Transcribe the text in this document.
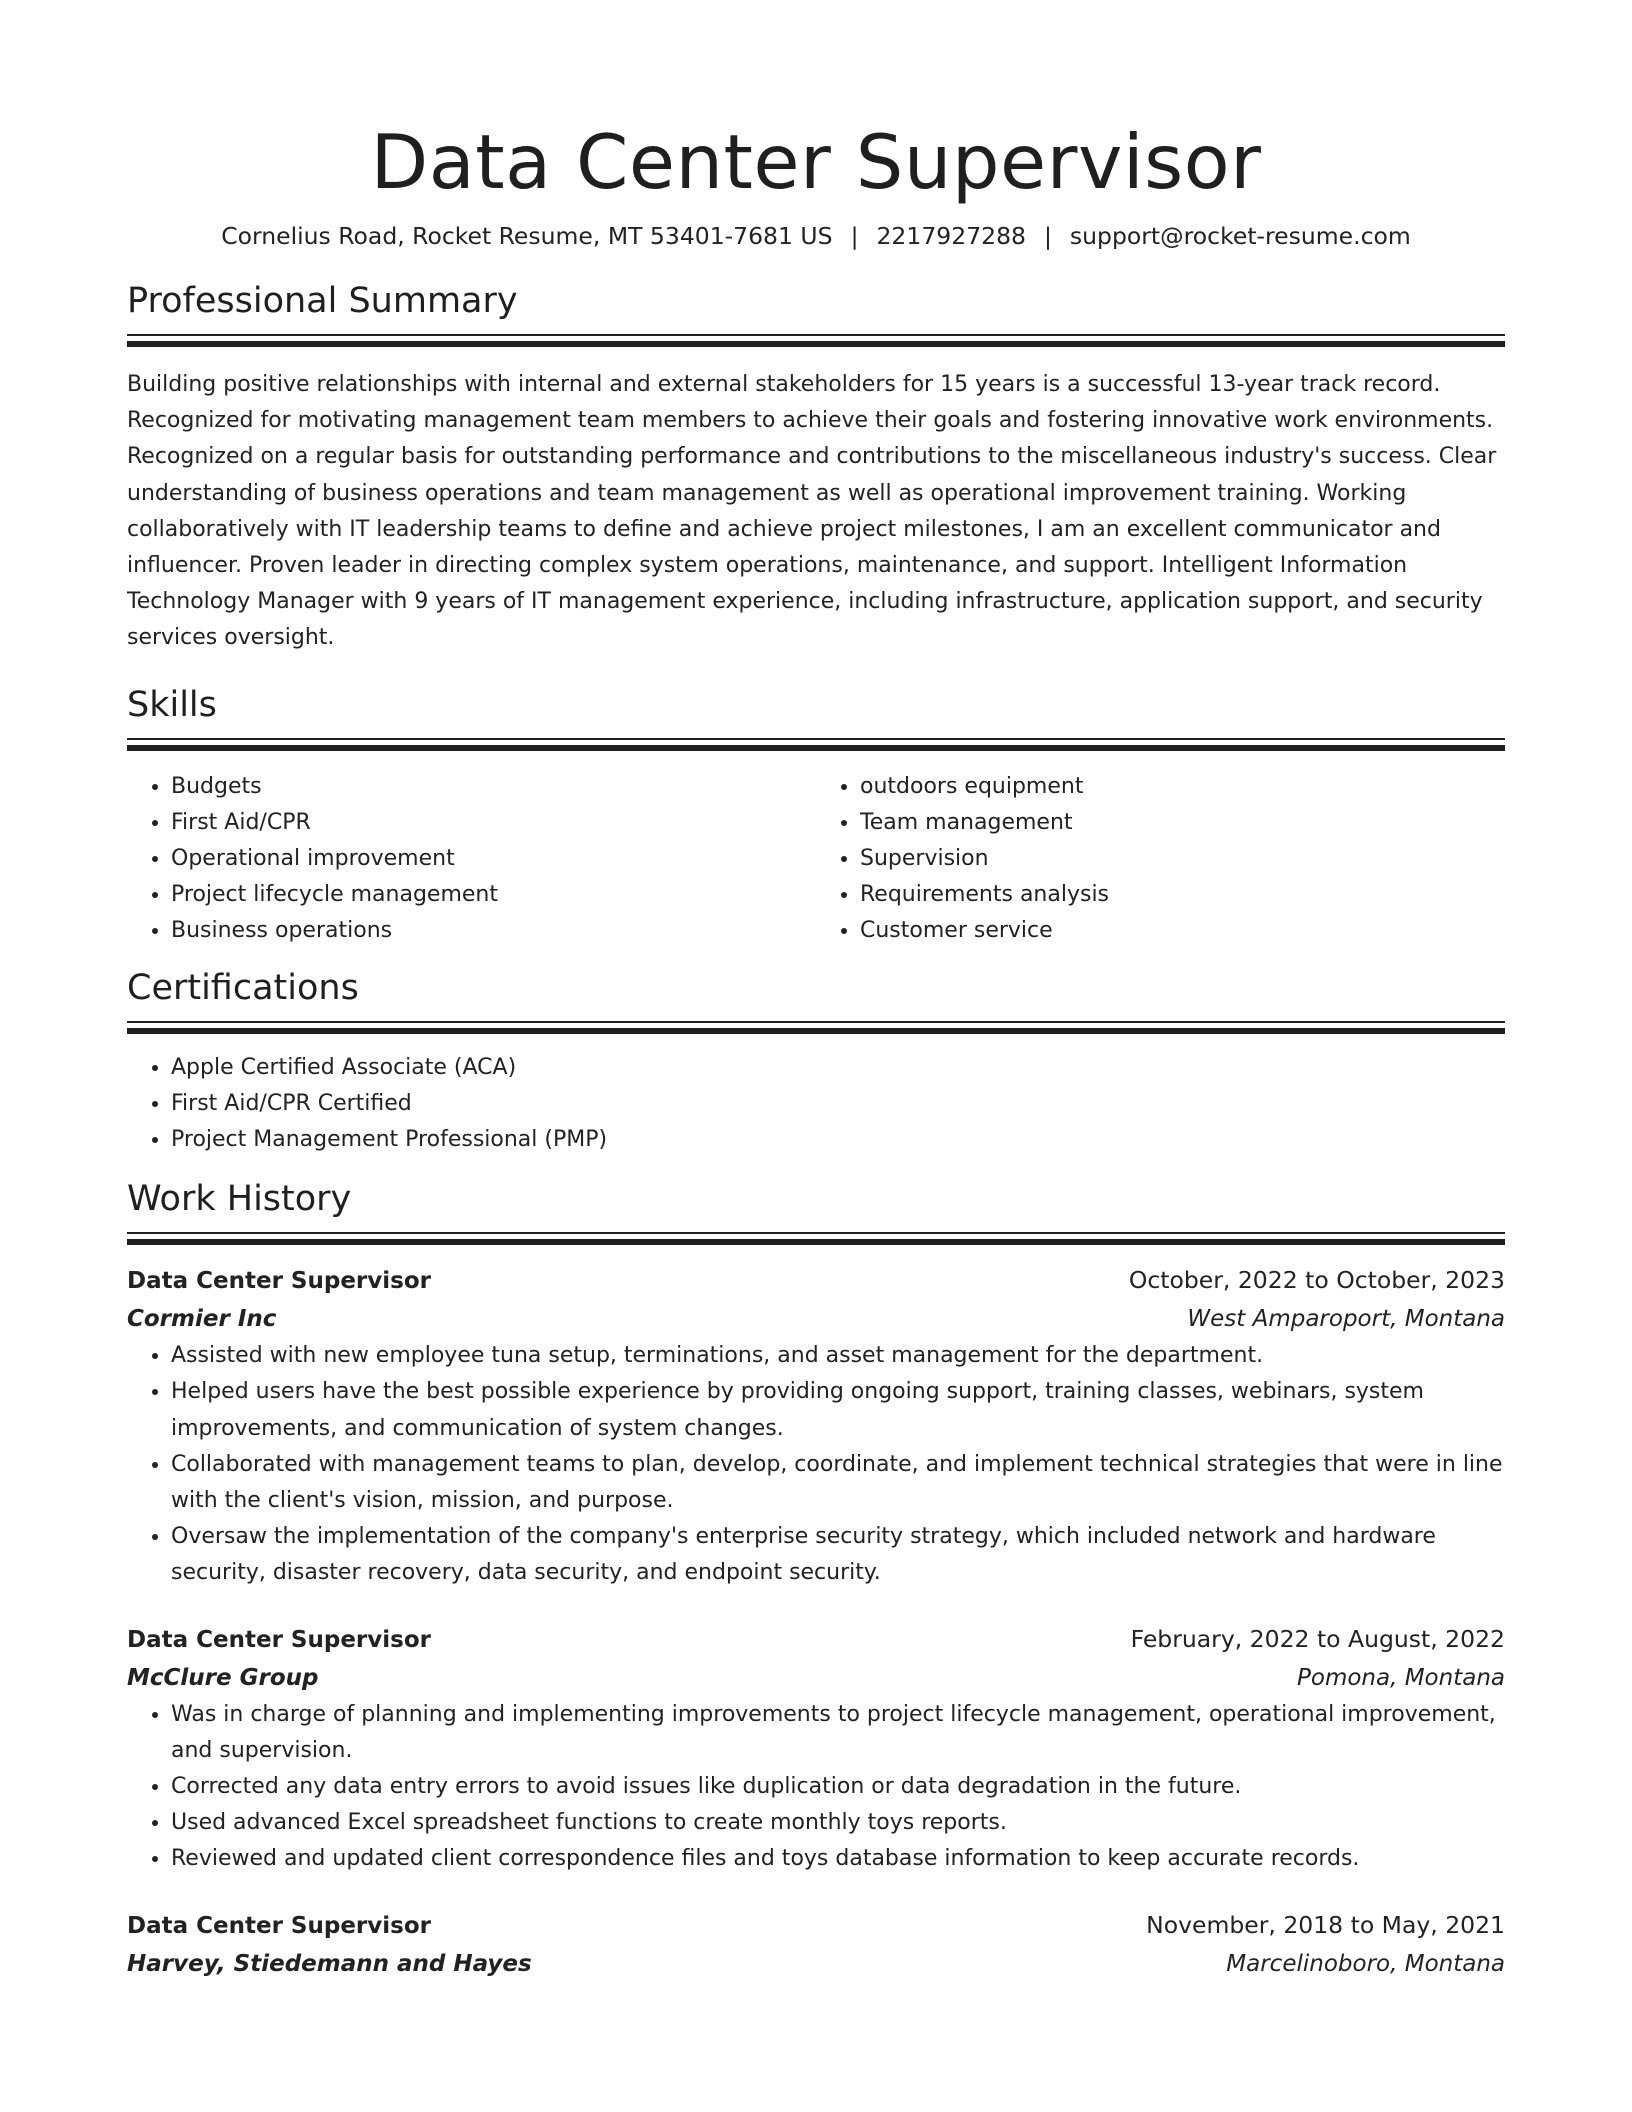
Data Center Supervisor
Cornelius Road, Rocket Resume, MT 53401-7681 US | 2217927288 | support@rocket-resume.com
Professional Summary

Building positive relationships with internal and external stakeholders for 15 years is a successful 13-year track record. Recognized for motivating management team members to achieve their goals and fostering innovative work environments. Recognized on a regular basis for outstanding performance and contributions to the miscellaneous industry's success. Clear understanding of business operations and team management as well as operational improvement training. Working collaboratively with IT leadership teams to define and achieve project milestones, I am an excellent communicator and influencer. Proven leader in directing complex system operations, maintenance, and support. Intelligent Information Technology Manager with 9 years of IT management experience, including infrastructure, application support, and security services oversight.

Skills
• Budgets
• First Aid/CPR
• Operational improvement
• Project lifecycle management
• Business operations
• outdoors equipment
• Team management
• Supervision
• Requirements analysis
• Customer service
Certifications
• Apple Certified Associate (ACA)
• First Aid/CPR Certified
• Project Management Professional (PMP)
Work History
Data Center Supervisor	October, 2022 to October, 2023
Cormier Inc	West Amparoport, Montana
• Assisted with new employee tuna setup, terminations, and asset management for the department.
• Helped users have the best possible experience by providing ongoing support, training classes, webinars, system improvements, and communication of system changes.
• Collaborated with management teams to plan, develop, coordinate, and implement technical strategies that were in line with the client's vision, mission, and purpose.
• Oversaw the implementation of the company's enterprise security strategy, which included network and hardware security, disaster recovery, data security, and endpoint security.
Data Center Supervisor	February, 2022 to August, 2022
McClure Group	Pomona, Montana
• Was in charge of planning and implementing improvements to project lifecycle management, operational improvement, and supervision.
• Corrected any data entry errors to avoid issues like duplication or data degradation in the future.
• Used advanced Excel spreadsheet functions to create monthly toys reports.
• Reviewed and updated client correspondence files and toys database information to keep accurate records.
Data Center Supervisor	November, 2018 to May, 2021
Harvey, Stiedemann and Hayes	Marcelinoboro, Montana
